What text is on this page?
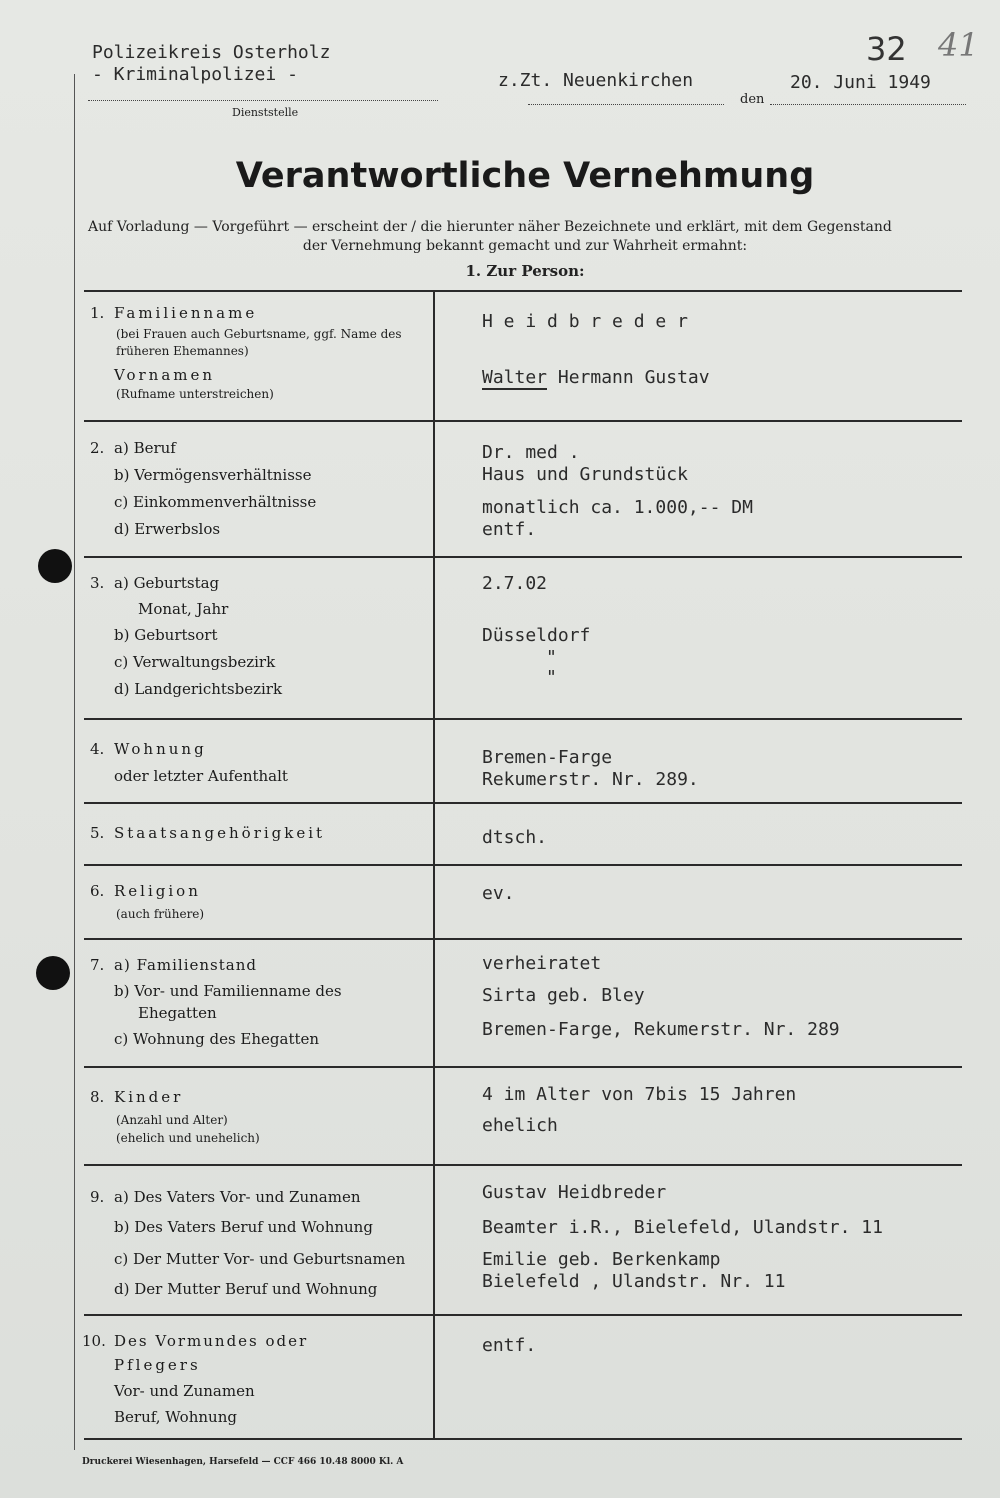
Polizeikreis Osterholz
- Kriminalpolizei -
Dienststelle
z.Zt. Neuenkirchen
den
20. Juni 1949
32 41
Verantwortliche Vernehmung
Auf Vorladung — Vorgeführt — erscheint der / die hierunter näher Bezeichnete und erklärt, mit dem Gegenstand
der Vernehmung bekannt gemacht und zur Wahrheit ermahnt:
1. Zur Person:
1. Familienname
(bei Frauen auch Geburtsname, ggf. Name des früheren Ehemannes)
Vornamen
(Rufname unterstreichen)
H e i d b r e d e r
Walter Hermann Gustav
2. a) Beruf
b) Vermögensverhältnisse
c) Einkommenverhältnisse
d) Erwerbslos
Dr. med .
Haus und Grundstück
monatlich ca. 1.000,-- DM
entf.
3. a) Geburtstag
Monat, Jahr
b) Geburtsort
c) Verwaltungsbezirk
d) Landgerichtsbezirk
2.7.02
Düsseldorf
"
"
4. Wohnung
oder letzter Aufenthalt
Bremen-Farge
Rekumerstr. Nr. 289.
5. Staatsangehörigkeit	dtsch.
6. Religion
(auch frühere)
ev.
7. a) Familienstand
b) Vor- und Familienname des
Ehegatten
c) Wohnung des Ehegatten
verheiratet
Sirta geb. Bley
Bremen-Farge, Rekumerstr. Nr. 289
8. Kinder
(Anzahl und Alter)
(ehelich und unehelich)
4 im Alter von 7bis 15 Jahren
ehelich
9. a) Des Vaters Vor- und Zunamen
b) Des Vaters Beruf und Wohnung
c) Der Mutter Vor- und Geburtsnamen
d) Der Mutter Beruf und Wohnung
Gustav Heidbreder
Beamter i.R., Bielefeld, Ulandstr. 11
Emilie geb. Berkenkamp
Bielefeld , Ulandstr. Nr. 11
10. Des Vormundes oder
Pflegers
Vor- und Zunamen
Beruf, Wohnung
entf.
Druckerei Wiesenhagen, Harsefeld — CCF 466 10.48 8000 Kl. A
